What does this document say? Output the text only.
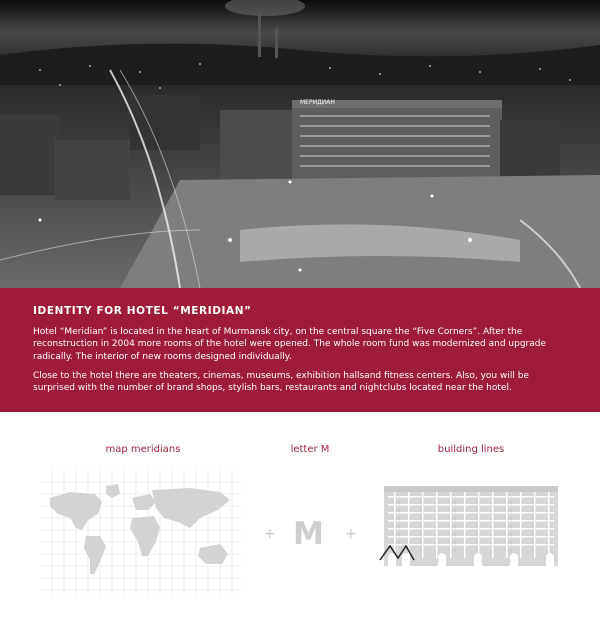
МЕРИДИАН
IDENTITY FOR HOTEL “MERIDIAN”
Hotel “Meridian” is located in the heart of Murmansk city, on the central square the “Five Corners”. After the reconstruction in 2004 more rooms of the hotel were opened. The whole room fund was modernized and upgrade radically. The interior of new rooms designed individually.
Close to the hotel there are theaters, cinemas, museums, exhibition hallsand fitness centers. Also, you will be surprised with the number of brand shops, stylish bars, restaurants and nightclubs located near the hotel.
map meridians	letter M	building lines
+ M +
